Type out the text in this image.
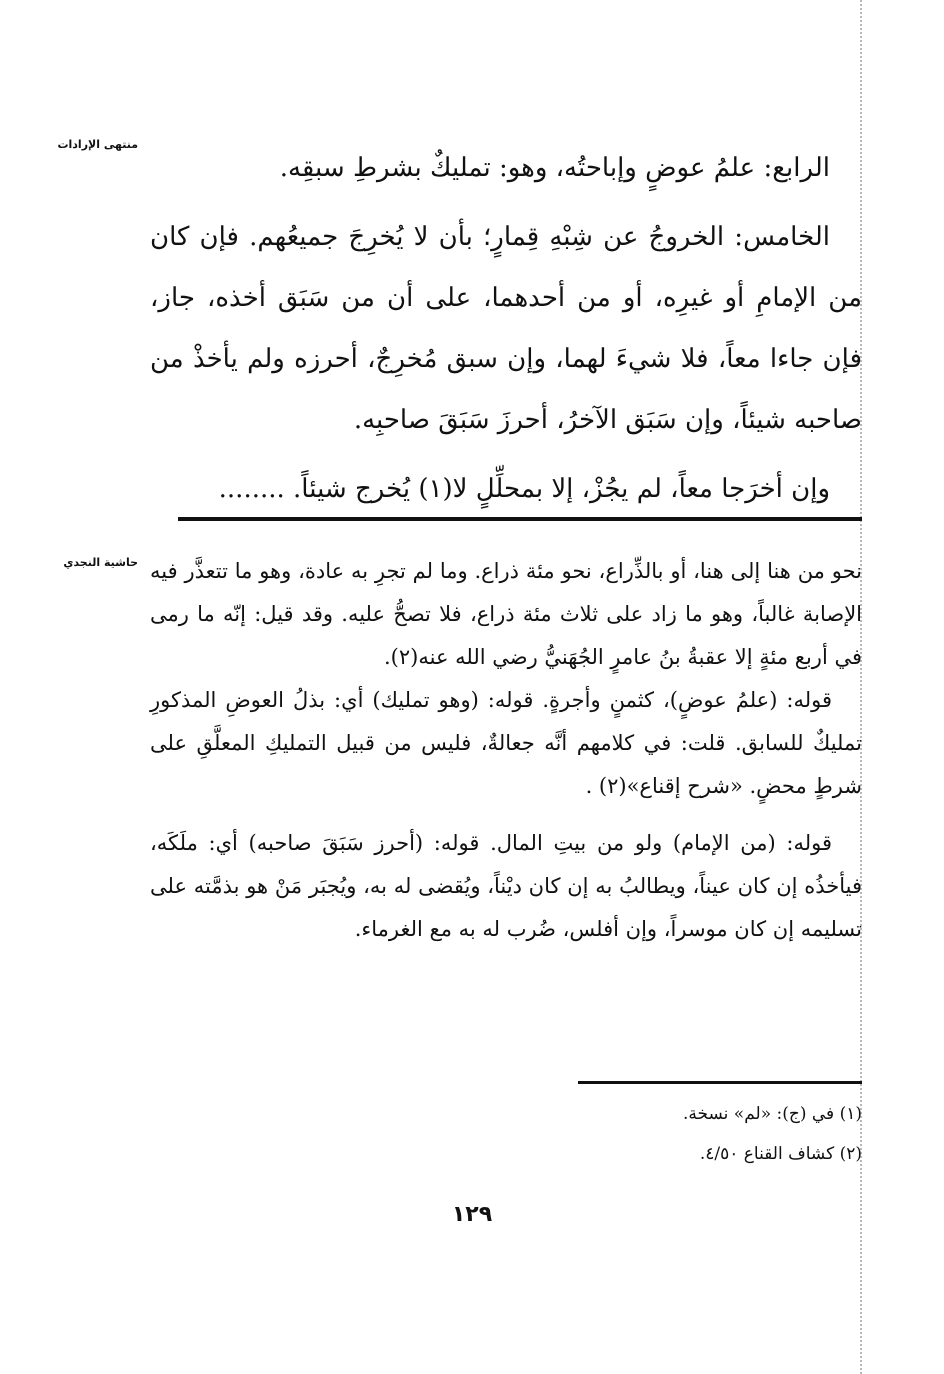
منتهى الإرادات

الرابع: علمُ عوضٍ وإباحتُه، وهو: تمليكٌ بشرطِ سبقِه.

الخامس: الخروجُ عن شِبْهِ قِمارٍ؛ بأن لا يُخرِجَ جميعُهم. فإن كان من الإمامِ أو غيرِه، أو من أحدهما، على أن من سَبَق أخذه، جاز، فإن جاءا معاً، فلا شيءَ لهما، وإن سبق مُخرِجٌ، أحرزه ولم يأخذْ من صاحبه شيئاً، وإن سَبَق الآخرُ، أحرزَ سَبَقَ صاحبِه.

وإن أخرَجا معاً، لم يجُزْ، إلا بمحلِّلٍ لا(١) يُخرج شيئاً. ........

حاشية النجدي نحو من هنا إلى هنا، أو بالذِّراع، نحو مئة ذراع. وما لم تجرِ به عادة، وهو ما تتعذَّر فيه الإصابة غالباً، وهو ما زاد على ثلاث مئة ذراع، فلا تصحُّ عليه. وقد قيل: إنّه ما رمى في أربع مئةٍ إلا عقبةُ بنُ عامرٍ الجُهَنيُّ رضي الله عنه(٢).

قوله: (علمُ عوضٍ)، كثمنٍ وأجرةٍ. قوله: (وهو تمليك) أي: بذلُ العوضِ المذكورِ تمليكٌ للسابق. قلت: في كلامهم أنَّه جعالةٌ، فليس من قبيل التمليكِ المعلَّقِ على شرطٍ محضٍ. «شرح إقناع»(٢) .

قوله: (من الإمام) ولو من بيتِ المال. قوله: (أحرز سَبَقَ صاحبه) أي: ملَكَه، فيأخذُه إن كان عيناً، ويطالبُ به إن كان ديْناً، ويُقضى له به، ويُجبَر مَنْ هو بذمَّته على تسليمه إن كان موسراً، وإن أفلس، ضُرب له به مع الغرماء.

(١) في (ج): «لم» نسخة.

(٢) كشاف القناع ٤/٥٠.

١٢٩
